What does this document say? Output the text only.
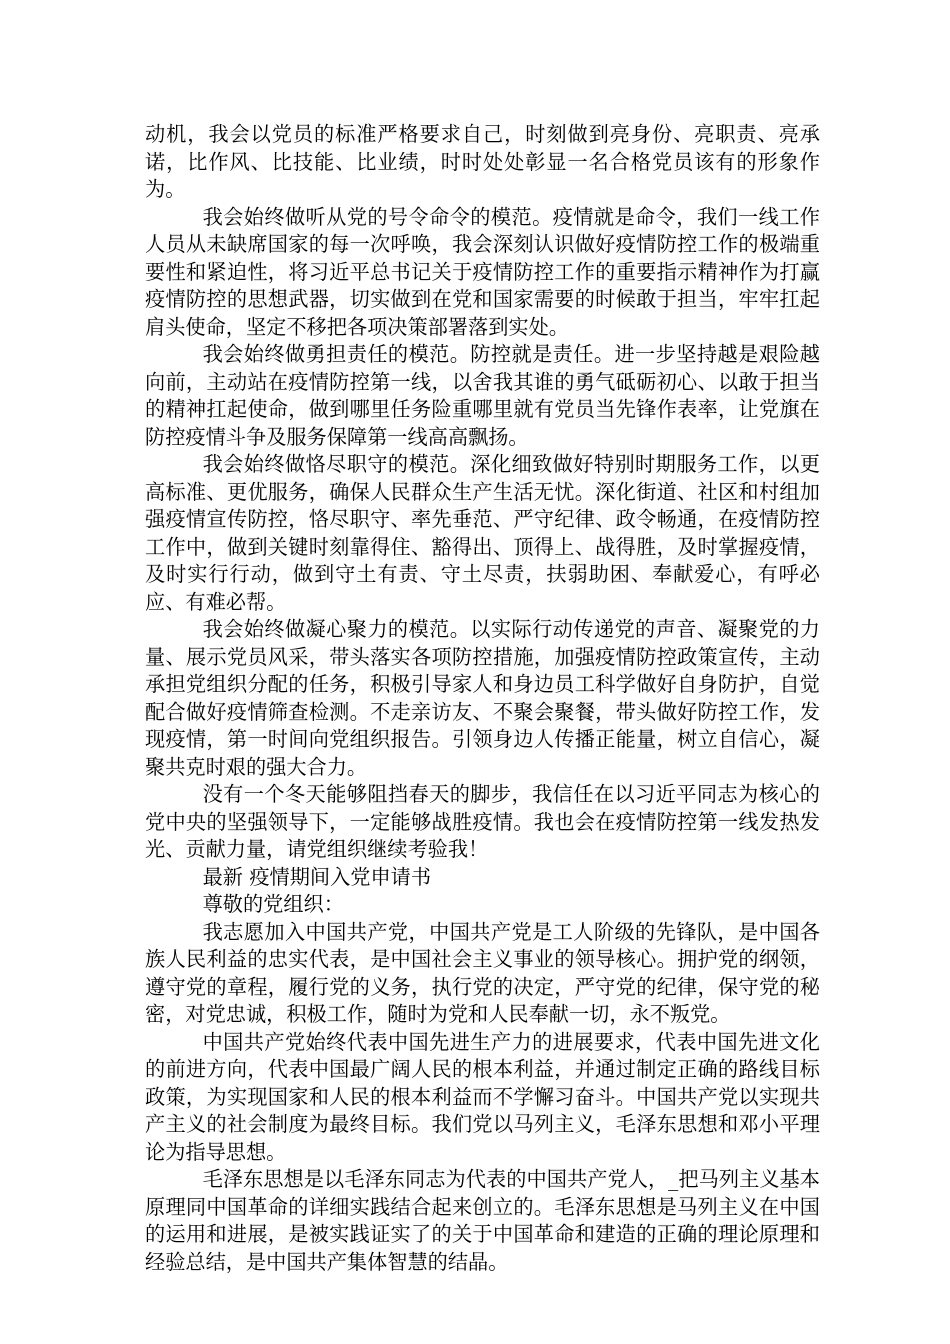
动机，我会以党员的标准严格要求自己，时刻做到亮身份、亮职责、亮承诺，比作风、比技能、比业绩，时时处处彰显一名合格党员该有的形象作为。

我会始终做听从党的号令命令的模范。疫情就是命令，我们一线工作人员从未缺席国家的每一次呼唤，我会深刻认识做好疫情防控工作的极端重要性和紧迫性，将习近平总书记关于疫情防控工作的重要指示精神作为打赢疫情防控的思想武器，切实做到在党和国家需要的时候敢于担当，牢牢扛起肩头使命，坚定不移把各项决策部署落到实处。

我会始终做勇担责任的模范。防控就是责任。进一步坚持越是艰险越向前，主动站在疫情防控第一线，以舍我其谁的勇气砥砺初心、以敢于担当的精神扛起使命，做到哪里任务险重哪里就有党员当先锋作表率，让党旗在防控疫情斗争及服务保障第一线高高飘扬。

我会始终做恪尽职守的模范。深化细致做好特别时期服务工作，以更高标准、更优服务，确保人民群众生产生活无忧。深化街道、社区和村组加强疫情宣传防控，恪尽职守、率先垂范、严守纪律、政令畅通，在疫情防控工作中，做到关键时刻靠得住、豁得出、顶得上、战得胜，及时掌握疫情，及时实行行动，做到守土有责、守土尽责，扶弱助困、奉献爱心，有呼必应、有难必帮。

我会始终做凝心聚力的模范。以实际行动传递党的声音、凝聚党的力量、展示党员风采，带头落实各项防控措施，加强疫情防控政策宣传，主动承担党组织分配的任务，积极引导家人和身边员工科学做好自身防护，自觉配合做好疫情筛查检测。不走亲访友、不聚会聚餐，带头做好防控工作，发现疫情，第一时间向党组织报告。引领身边人传播正能量，树立自信心，凝聚共克时艰的强大合力。

没有一个冬天能够阻挡春天的脚步，我信任在以习近平同志为核心的党中央的坚强领导下，一定能够战胜疫情。我也会在疫情防控第一线发热发光、贡献力量，请党组织继续考验我！

最新 疫情期间入党申请书

尊敬的党组织：

我志愿加入中国共产党，中国共产党是工人阶级的先锋队，是中国各族人民利益的忠实代表，是中国社会主义事业的领导核心。拥护党的纲领，遵守党的章程，履行党的义务，执行党的决定，严守党的纪律，保守党的秘密，对党忠诚，积极工作，随时为党和人民奉献一切，永不叛党。

中国共产党始终代表中国先进生产力的进展要求，代表中国先进文化的前进方向，代表中国最广阔人民的根本利益，并通过制定正确的路线目标政策，为实现国家和人民的根本利益而不学懈习奋斗。中国共产党以实现共产主义的社会制度为最终目标。我们党以马列主义，毛泽东思想和邓小平理论为指导思想。

毛泽东思想是以毛泽东同志为代表的中国共产党人，_把马列主义基本原理同中国革命的详细实践结合起来创立的。毛泽东思想是马列主义在中国的运用和进展，是被实践证实了的关于中国革命和建造的正确的理论原理和经验总结，是中国共产集体智慧的结晶。
